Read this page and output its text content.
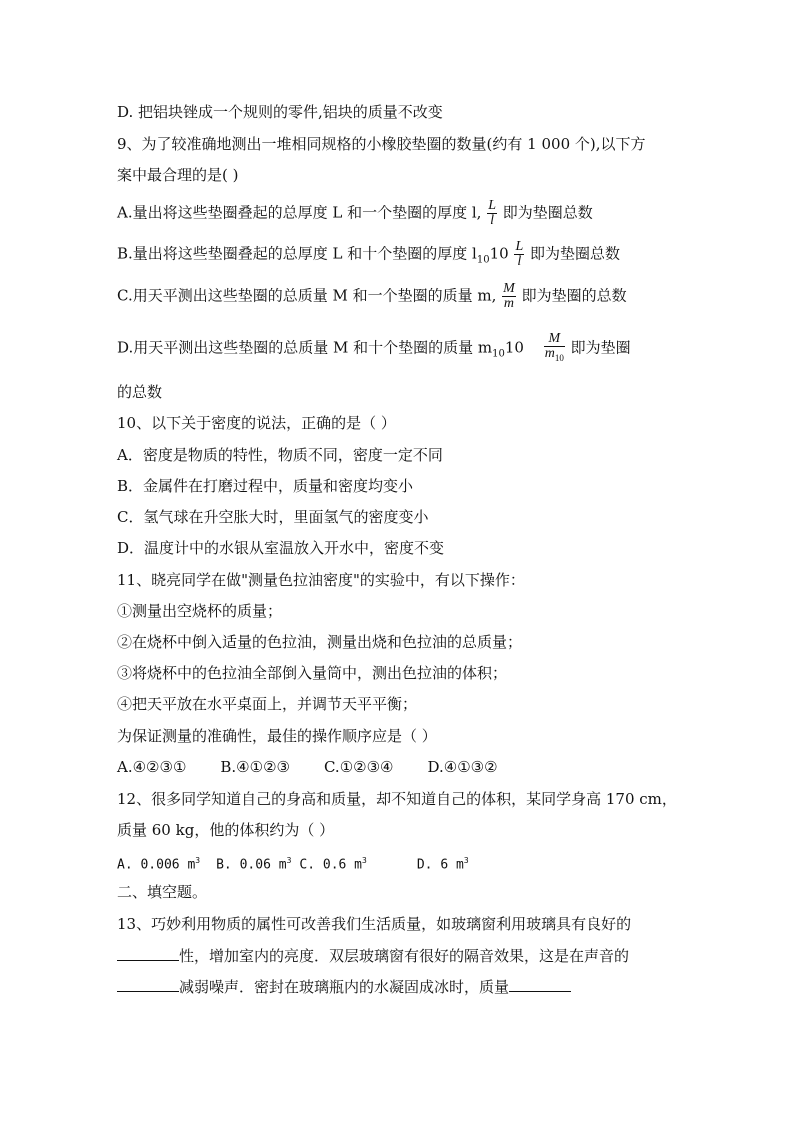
D. 把铝块锉成一个规则的零件,铝块的质量不改变
9、为了较准确地测出一堆相同规格的小橡胶垫圈的数量(约有 1 000 个),以下方
案中最合理的是( )
A.量出将这些垫圈叠起的总厚度 L 和一个垫圈的厚度 l, $\frac{L}{l}$ 即为垫圈总数
B.量出将这些垫圈叠起的总厚度 L 和十个垫圈的厚度 $l_{10}10 \frac{L}{l}$ 即为垫圈总数
C.用天平测出这些垫圈的总质量 M 和一个垫圈的质量 m, $\frac{M}{m}$ 即为垫圈的总数
D.用天平测出这些垫圈的总质量 M 和十个垫圈的质量 $m_{10}10 \frac{M}{m_{10}}$ 即为垫圈
的总数
10、以下关于密度的说法，正确的是（ ）
A．密度是物质的特性，物质不同，密度一定不同
B．金属件在打磨过程中，质量和密度均变小
C．氢气球在升空胀大时，里面氢气的密度变小
D．温度计中的水银从室温放入开水中，密度不变
11、晓亮同学在做"测量色拉油密度"的实验中，有以下操作：
①测量出空烧杯的质量；
②在烧杯中倒入适量的色拉油，测量出烧和色拉油的总质量；
③将烧杯中的色拉油全部倒入量筒中，测出色拉油的体积；
④把天平放在水平桌面上，并调节天平平衡；
为保证测量的准确性，最佳的操作顺序应是（ ）
A.④②③① B.④①②③ C.①②③④ D.④①③②
12、很多同学知道自己的身高和质量，却不知道自己的体积，某同学身高 170 cm，
质量 60 kg，他的体积约为（ ）
A. 0.006 $m^3$ B. 0.06 $m^3$ C. 0.6 $m^3$	D. 6 $m^3$
二、填空题。
13、巧妙利用物质的属性可改善我们生活质量，如玻璃窗利用玻璃具有良好的
性，增加室内的亮度．双层玻璃窗有很好的隔音效果，这是在声音的
减弱噪声．密封在玻璃瓶内的水凝固成冰时，质量
